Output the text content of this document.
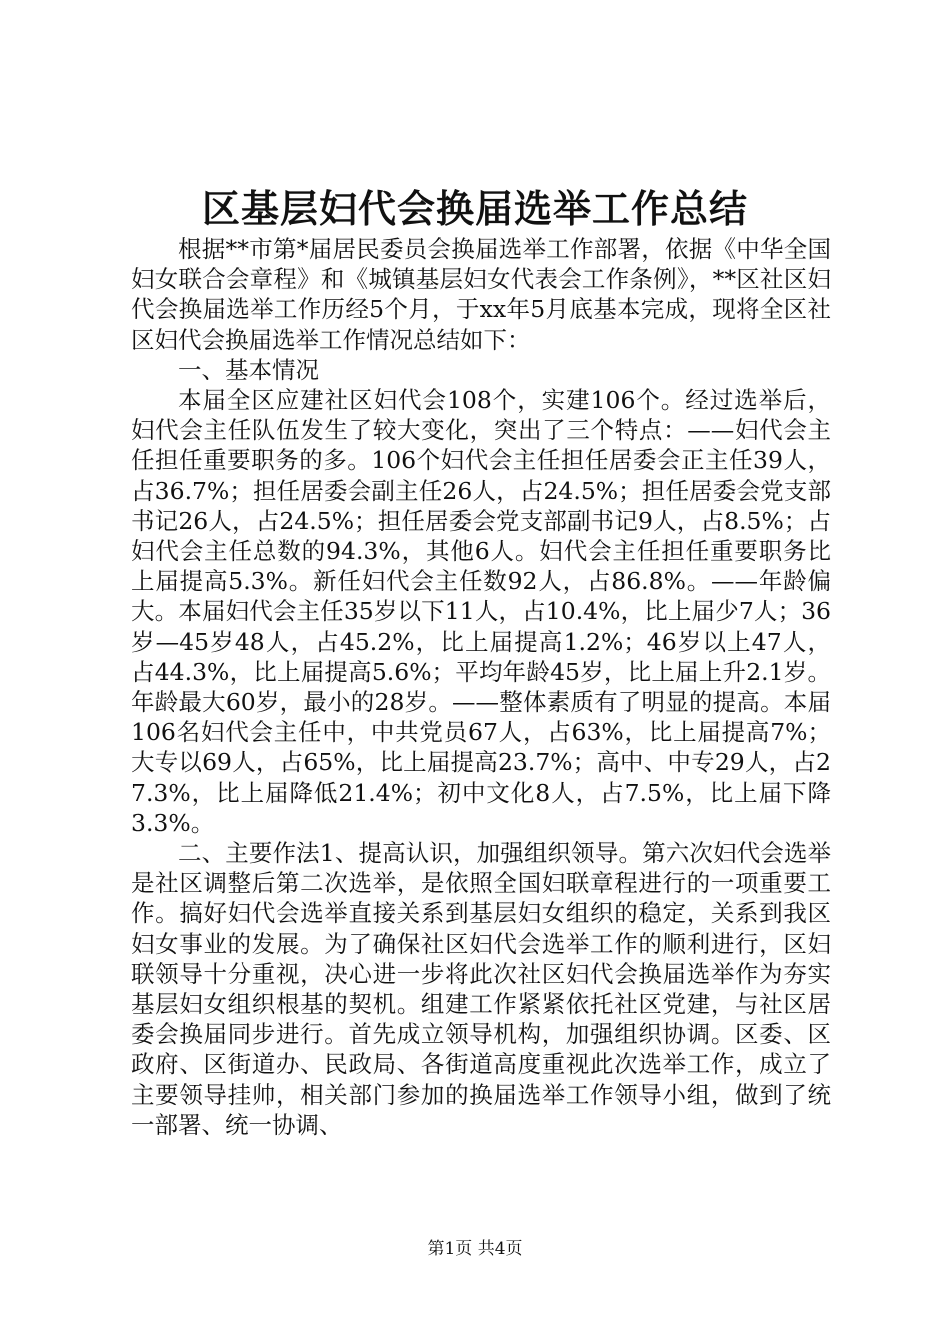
区基层妇代会换届选举工作总结

根据**市第*届居民委员会换届选举工作部署，依据《中华全国妇女联合会章程》和《城镇基层妇女代表会工作条例》，**区社区妇代会换届选举工作历经5个月，于xx年5月底基本完成，现将全区社区妇代会换届选举工作情况总结如下：

一、基本情况

本届全区应建社区妇代会108个，实建106个。经过选举后，妇代会主任队伍发生了较大变化，突出了三个特点：——妇代会主任担任重要职务的多。106个妇代会主任担任居委会正主任39人，占36.7%；担任居委会副主任26人，占24.5%；担任居委会党支部书记26人，占24.5%；担任居委会党支部副书记9人，占8.5%；占妇代会主任总数的94.3%，其他6人。妇代会主任担任重要职务比上届提高5.3%。新任妇代会主任数92人，占86.8%。——年龄偏大。本届妇代会主任35岁以下11人，占10.4%，比上届少7人；36岁—45岁48人，占45.2%，比上届提高1.2%；46岁以上47人，占44.3%，比上届提高5.6%；平均年龄45岁，比上届上升2.1岁。年龄最大60岁，最小的28岁。——整体素质有了明显的提高。本届106名妇代会主任中，中共党员67人，占63%，比上届提高7%；大专以69人，占65%，比上届提高23.7%；高中、中专29人，占27.3%，比上届降低21.4%；初中文化8人，占7.5%，比上届下降3.3%。

二、主要作法1、提高认识，加强组织领导。第六次妇代会选举是社区调整后第二次选举，是依照全国妇联章程进行的一项重要工作。搞好妇代会选举直接关系到基层妇女组织的稳定，关系到我区妇女事业的发展。为了确保社区妇代会选举工作的顺利进行，区妇联领导十分重视，决心进一步将此次社区妇代会换届选举作为夯实基层妇女组织根基的契机。组建工作紧紧依托社区党建，与社区居委会换届同步进行。首先成立领导机构，加强组织协调。区委、区政府、区街道办、民政局、各街道高度重视此次选举工作，成立了主要领导挂帅，相关部门参加的换届选举工作领导小组，做到了统一部署、统一协调、

第1页 共4页
